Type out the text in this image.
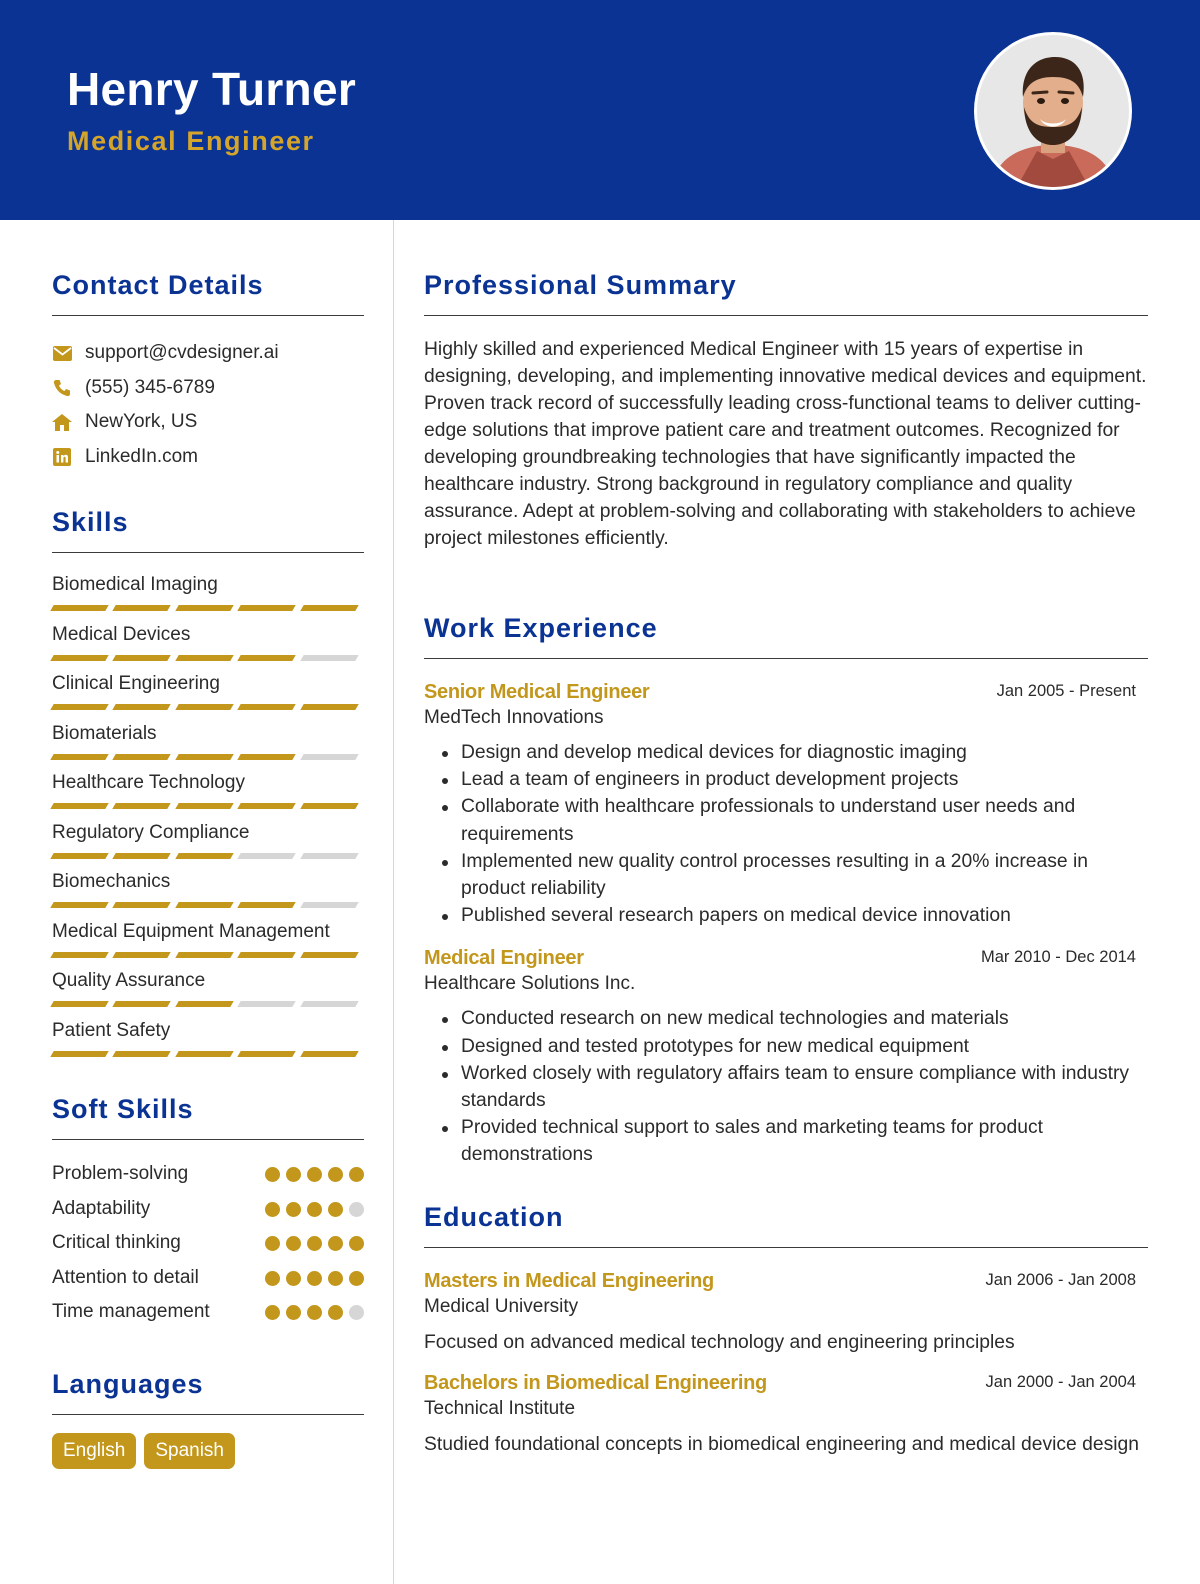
Henry Turner
Medical Engineer
Contact Details
support@cvdesigner.ai
(555) 345-6789
NewYork, US
LinkedIn.com
Skills
Biomedical Imaging
Medical Devices
Clinical Engineering
Biomaterials
Healthcare Technology
Regulatory Compliance
Biomechanics
Medical Equipment Management
Quality Assurance
Patient Safety
Soft Skills
Problem-solving
Adaptability
Critical thinking
Attention to detail
Time management
Languages
English	Spanish
Professional Summary

Highly skilled and experienced Medical Engineer with 15 years of expertise in designing, developing, and implementing innovative medical devices and equipment. Proven track record of successfully leading cross-functional teams to deliver cutting-edge solutions that improve patient care and treatment outcomes. Recognized for developing groundbreaking technologies that have significantly impacted the healthcare industry. Strong background in regulatory compliance and quality assurance. Adept at problem-solving and collaborating with stakeholders to achieve project milestones efficiently.

Work Experience
Senior Medical Engineer	Jan 2005 - Present
MedTech Innovations
Design and develop medical devices for diagnostic imaging
Lead a team of engineers in product development projects
Collaborate with healthcare professionals to understand user needs and requirements
Implemented new quality control processes resulting in a 20% increase in product reliability
Published several research papers on medical device innovation
Medical Engineer	Mar 2010 - Dec 2014
Healthcare Solutions Inc.
Conducted research on new medical technologies and materials
Designed and tested prototypes for new medical equipment
Worked closely with regulatory affairs team to ensure compliance with industry standards
Provided technical support to sales and marketing teams for product demonstrations
Education
Masters in Medical Engineering	Jan 2006 - Jan 2008
Medical University
Focused on advanced medical technology and engineering principles
Bachelors in Biomedical Engineering	Jan 2000 - Jan 2004
Technical Institute
Studied foundational concepts in biomedical engineering and medical device design
